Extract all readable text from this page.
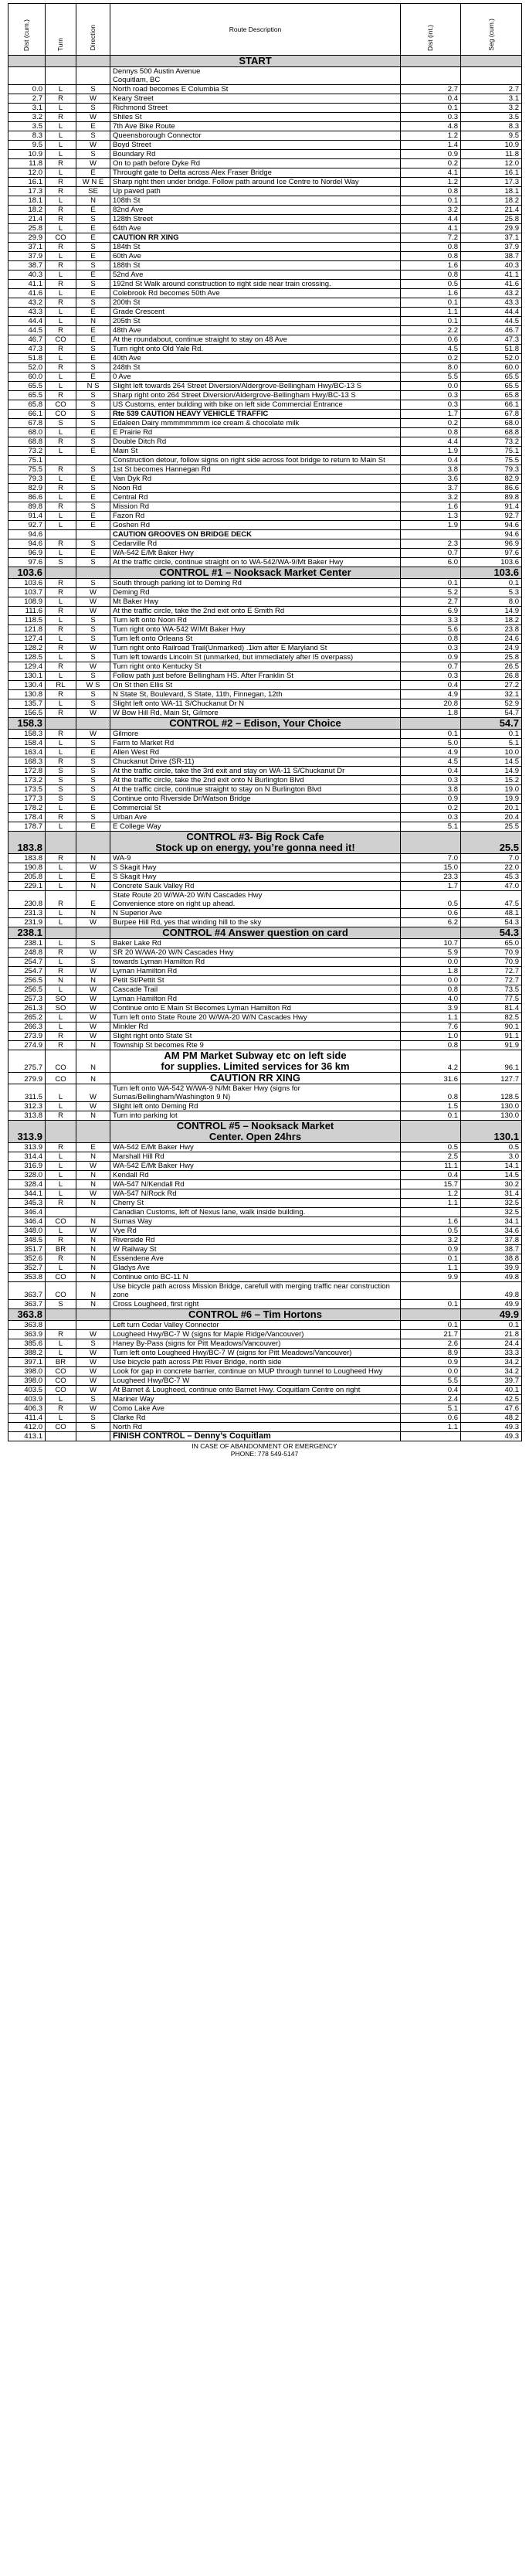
Dist (cum.)	Turn	Direction	Route Description	Dist (int.)	Seg (cum.)
			START		
			Dennys 500 Austin Avenue
Coquitlam, BC		
0.0	L	S	North road becomes E Columbia St	2.7	2.7
2.7	R	W	Keary Street	0.4	3.1
3.1	L	S	Richmond Street	0.1	3.2
3.2	R	W	Shiles St	0.3	3.5
3.5	L	E	7th Ave Bike Route	4.8	8.3
8.3	L	S	Queensborough Connector	1.2	9.5
9.5	L	W	Boyd Street	1.4	10.9
10.9	L	S	Boundary Rd	0.9	11.8
11.8	R	W	On to path before Dyke Rd	0.2	12.0
12.0	L	E	Throught gate to Delta across Alex Fraser Bridge	4.1	16.1
16.1	R	W N E	Sharp right then under bridge. Follow path around Ice Centre to Nordel Way	1.2	17.3
17.3	R	SE	Up paved path	0.8	18.1
18.1	L	N	108th St	0.1	18.2
18.2	R	E	82nd Ave	3.2	21.4
21.4	R	S	128th Street	4.4	25.8
25.8	L	E	64th Ave	4.1	29.9
29.9	CO	E	CAUTION RR XING	7.2	37.1
37.1	R	S	184th St	0.8	37.9
37.9	L	E	60th Ave	0.8	38.7
38.7	R	S	188th St	1.6	40.3
40.3	L	E	52nd Ave	0.8	41.1
41.1	R	S	192nd St Walk around construction to right side near train crossing.	0.5	41.6
41.6	L	E	Colebrook Rd becomes 50th Ave	1.6	43.2
43.2	R	S	200th St	0.1	43.3
43.3	L	E	Grade Crescent	1.1	44.4
44.4	L	N	205th St	0.1	44.5
44.5	R	E	48th Ave	2.2	46.7
46.7	CO	E	At the roundabout, continue straight to stay on 48 Ave	0.6	47.3
47.3	R	S	Turn right onto Old Yale Rd.	4.5	51.8
51.8	L	E	40th Ave	0.2	52.0
52.0	R	S	248th St	8.0	60.0
60.0	L	E	0 Ave	5.5	65.5
65.5	L	N S	Slight left towards 264 Street Diversion/Aldergrove-Bellingham Hwy/BC-13 S	0.0	65.5
65.5	R	S	Sharp right onto 264 Street Diversion/Aldergrove-Bellingham Hwy/BC-13 S	0.3	65.8
65.8	CO	S	US Customs, enter building with bike on left side Commercial Entrance	0.3	66.1
66.1	CO	S	Rte 539 CAUTION HEAVY VEHICLE TRAFFIC	1.7	67.8
67.8	S	S	Edaleen Dairy mmmmmmmm ice cream & chocolate milk	0.2	68.0
68.0	L	E	E Prairie Rd	0.8	68.8
68.8	R	S	Double Ditch Rd	4.4	73.2
73.2	L	E	Main St	1.9	75.1
75.1			Construction detour, follow signs on right side across foot bridge to return to Main St	0.4	75.5
75.5	R	S	1st St becomes Hannegan Rd	3.8	79.3
79.3	L	E	Van Dyk Rd	3.6	82.9
82.9	R	S	Noon Rd	3.7	86.6
86.6	L	E	Central Rd	3.2	89.8
89.8	R	S	Mission Rd	1.6	91.4
91.4	L	E	Fazon Rd	1.3	92.7
92.7	L	E	Goshen Rd	1.9	94.6
94.6			CAUTION GROOVES ON BRIDGE DECK		94.6
94.6	R	S	Cedarville Rd	2.3	96.9
96.9	L	E	WA-542 E/Mt Baker Hwy	0.7	97.6
97.6	S	S	At the traffic circle, continue straight on to WA-542/WA-9/Mt Baker Hwy	6.0	103.6
103.6			CONTROL #1 – Nooksack Market Center		103.6
103.6	R	S	South through parking lot to Deming Rd	0.1	0.1
103.7	R	W	Deming Rd	5.2	5.3
108.9	L	W	Mt Baker Hwy	2.7	8.0
111.6	R	W	At the traffic circle, take the 2nd exit onto E Smith Rd	6.9	14.9
118.5	L	S	Turn left onto Noon Rd	3.3	18.2
121.8	R	S	Turn right onto WA-542 W/Mt Baker Hwy	5.6	23.8
127.4	L	S	Turn left onto Orleans St	0.8	24.6
128.2	R	W	Turn right onto Railroad Trail(Unmarked) .1km after E Maryland St	0.3	24.9
128.5	L	S	Turn left towards Lincoln St (unmarked, but immediately after I5 overpass)	0.9	25.8
129.4	R	W	Turn right onto Kentucky St	0.7	26.5
130.1	L	S	Follow path just before Bellingham HS. After Franklin St	0.3	26.8
130.4	RL	W S	On St then Ellis St	0.4	27.2
130.8	R	S	N State St, Boulevard, S State, 11th, Finnegan, 12th	4.9	32.1
135.7	L	S	Slight left onto WA-11 S/Chuckanut Dr N	20.8	52.9
156.5	R	W	W Bow Hill Rd, Main St, Gilmore	1.8	54.7
158.3			CONTROL #2 – Edison, Your Choice		54.7
158.3	R	W	Gilmore	0.1	0.1
158.4	L	S	Farm to Market Rd	5.0	5.1
163.4	L	E	Allen West Rd	4.9	10.0
168.3	R	S	Chuckanut Drive (SR-11)	4.5	14.5
172.8	S	S	At the traffic circle, take the 3rd exit and stay on WA-11 S/Chuckanut Dr	0.4	14.9
173.2	S	S	At the traffic circle, take the 2nd exit onto N Burlington Blvd	0.3	15.2
173.5	S	S	At the traffic circle, continue straight to stay on N Burlington Blvd	3.8	19.0
177.3	S	S	Continue onto Riverside Dr/Watson Bridge	0.9	19.9
178.2	L	E	Commercial St	0.2	20.1
178.4	R	S	Urban Ave	0.3	20.4
178.7	L	E	E College Way	5.1	25.5
183.8			CONTROL #3- Big Rock Cafe
Stock up on energy, you’re gonna need it!		25.5
183.8	R	N	WA-9	7.0	7.0
190.8	L	W	S Skagit Hwy	15.0	22.0
205.8	L	E	S Skagit Hwy	23.3	45.3
229.1	L	N	Concrete Sauk Valley Rd	1.7	47.0
230.8	R	E	State Route 20 W/WA-20 W/N Cascades Hwy
Convenience store on right up ahead.	0.5	47.5
231.3	L	N	N Superior Ave	0.6	48.1
231.9	L	W	Burpee Hill Rd, yes that winding hill to the sky	6.2	54.3
238.1			CONTROL #4 Answer question on card		54.3
238.1	L	S	Baker Lake Rd	10.7	65.0
248.8	R	W	SR 20 W/WA-20 W/N Cascades Hwy	5.9	70.9
254.7	L	S	towards Lyman Hamilton Rd	0.0	70.9
254.7	R	W	Lyman Hamilton Rd	1.8	72.7
256.5	N	N	Petit St/Pettit St	0.0	72.7
256.5	L	W	Cascade Trail	0.8	73.5
257.3	SO	W	Lyman Hamilton Rd	4.0	77.5
261.3	SO	W	Continue onto E Main St Becomes Lyman Hamilton Rd	3.9	81.4
265.2	L	W	Turn left onto State Route 20 W/WA-20 W/N Cascades Hwy	1.1	82.5
266.3	L	W	Minkler Rd	7.6	90.1
273.9	R	W	Slight right onto State St	1.0	91.1
274.9	R	N	Township St becomes Rte 9	0.8	91.9
275.7	CO	N	AM PM Market Subway etc on left side
for supplies. Limited services for 36 km	4.2	96.1
279.9	CO	N	CAUTION RR XING	31.6	127.7
311.5	L	W	Turn left onto WA-542 W/WA-9 N/Mt Baker Hwy (signs for Sumas/Bellingham/Washington 9 N)	0.8	128.5
312.3	L	W	Slight left onto Deming Rd	1.5	130.0
313.8	R	N	Turn into parking lot	0.1	130.0
313.9			CONTROL #5 – Nooksack Market
Center. Open 24hrs		130.1
313.9	R	E	WA-542 E/Mt Baker Hwy	0.5	0.5
314.4	L	N	Marshall Hill Rd	2.5	3.0
316.9	L	W	WA-542 E/Mt Baker Hwy	11.1	14.1
328.0	L	N	Kendall Rd	0.4	14.5
328.4	L	N	WA-547 N/Kendall Rd	15.7	30.2
344.1	L	W	WA-547 N/Rock Rd	1.2	31.4
345.3	R	N	Cherry St	1.1	32.5
346.4			Canadian Customs, left of Nexus lane, walk inside building.		32.5
346.4	CO	N	Sumas Way	1.6	34.1
348.0	L	W	Vye Rd	0.5	34.6
348.5	R	N	Riverside Rd	3.2	37.8
351.7	BR	N	W Railway St	0.9	38.7
352.6	R	N	Essendene Ave	0.1	38.8
352.7	L	N	Gladys Ave	1.1	39.9
353.8	CO	N	Continue onto BC-11 N	9.9	49.8
363.7	CO	N	Use bicycle path across Mission Bridge, carefull with merging traffic near construction zone		49.8
363.7	S	N	Cross Lougheed, first right	0.1	49.9
363.8			CONTROL #6 – Tim Hortons		49.9
363.8			Left turn Cedar Valley Connector	0.1	0.1
363.9	R	W	Lougheed Hwy/BC-7 W (signs for Maple Ridge/Vancouver)	21.7	21.8
385.6	L	S	Haney By-Pass (signs for Pitt Meadows/Vancouver)	2.6	24.4
388.2	L	W	Turn left onto Lougheed Hwy/BC-7 W (signs for Pitt Meadows/Vancouver)	8.9	33.3
397.1	BR	W	Use bicycle path across Pitt River Bridge, north side	0.9	34.2
398.0	CO	W	Look for gap in concrete barrier, continue on MUP through tunnel to Lougheed Hwy	0.0	34.2
398.0	CO	W	Lougheed Hwy/BC-7 W	5.5	39.7
403.5	CO	W	At Barnet & Lougheed, continue onto Barnet Hwy. Coquitlam Centre on right	0.4	40.1
403.9	L	S	Mariner Way	2.4	42.5
406.3	R	W	Como Lake Ave	5.1	47.6
411.4	L	S	Clarke Rd	0.6	48.2
412.0	CO	S	North Rd	1.1	49.3
413.1			FINISH CONTROL – Denny’s Coquitlam		49.3
IN CASE OF ABANDONMENT OR EMERGENCY
PHONE: 778 549-5147
